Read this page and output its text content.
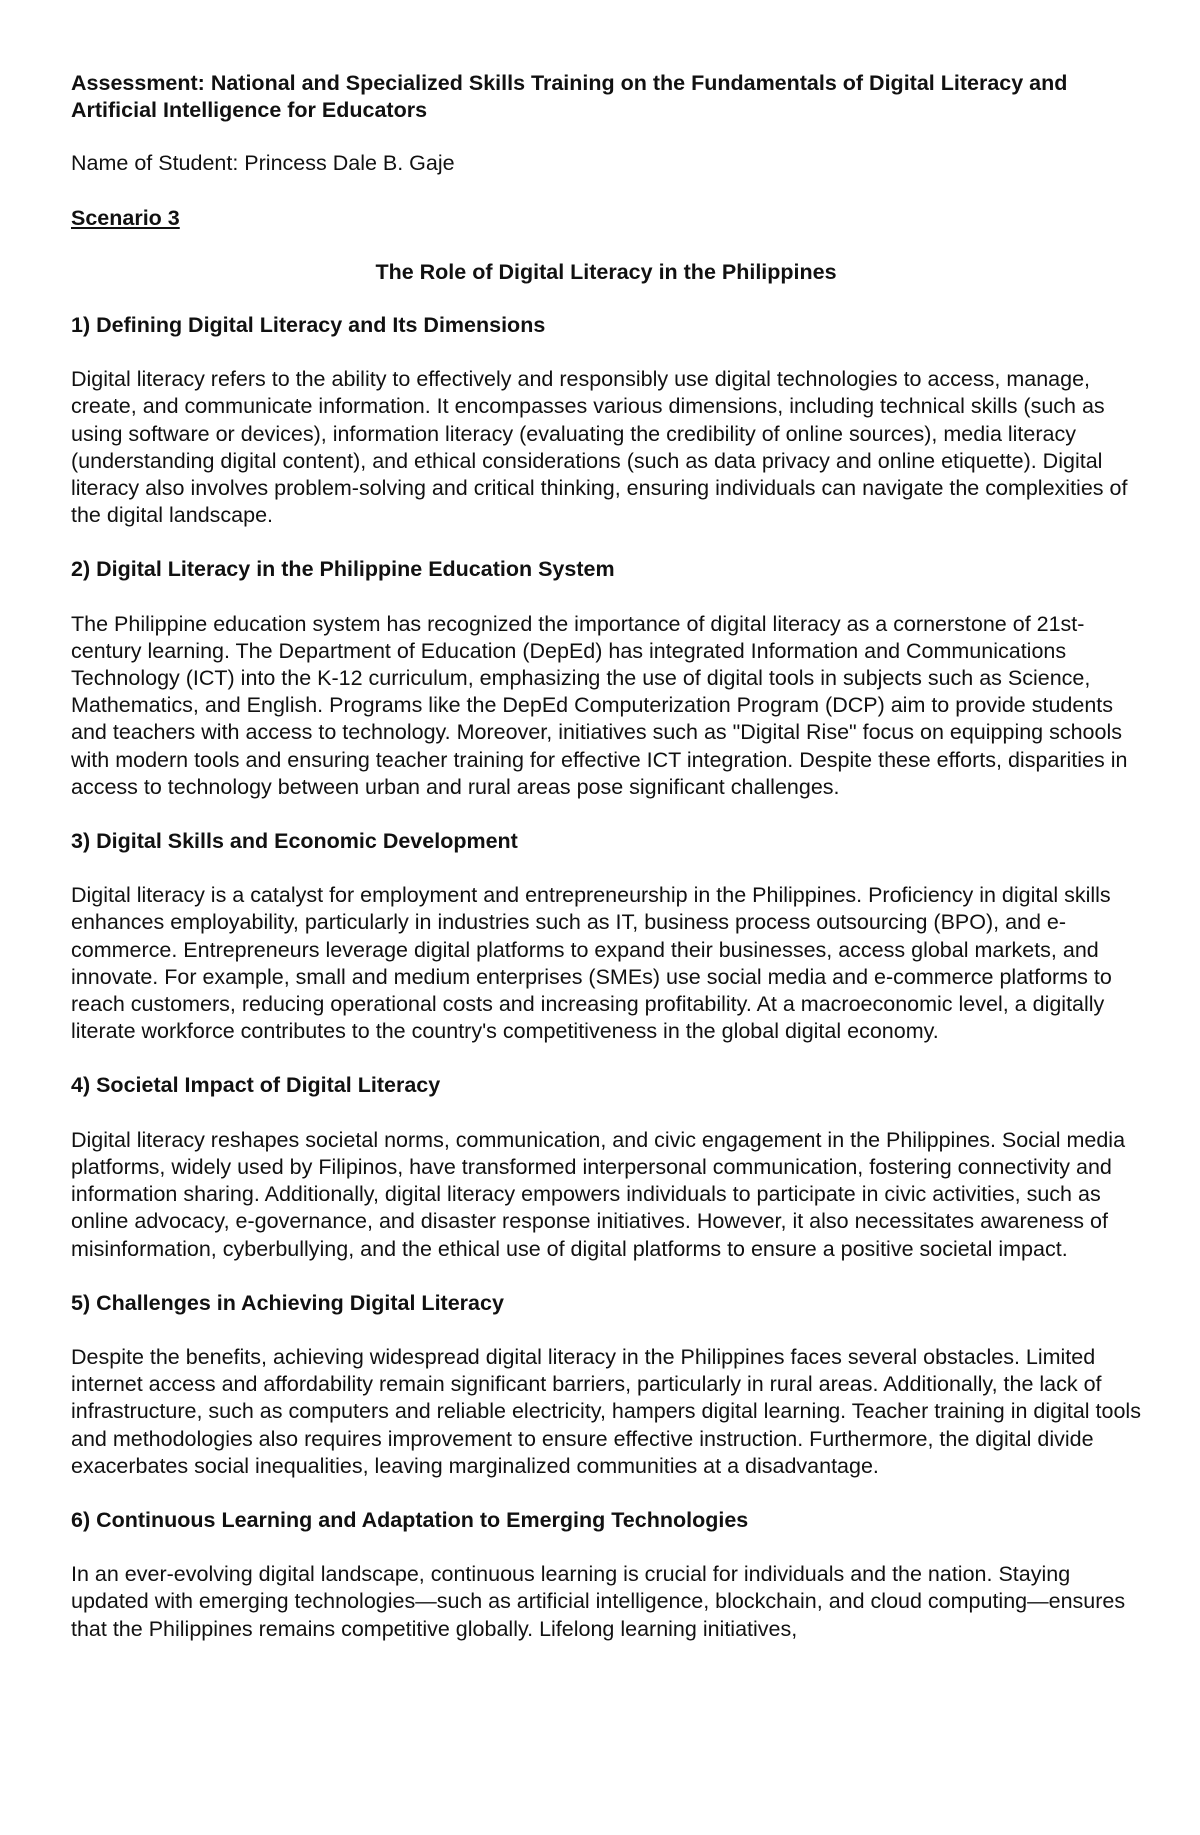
Assessment: National and Specialized Skills Training on the Fundamentals of Digital Literacy and Artificial Intelligence for Educators

Name of Student: Princess Dale B. Gaje

Scenario 3

The Role of Digital Literacy in the Philippines

1) Defining Digital Literacy and Its Dimensions

Digital literacy refers to the ability to effectively and responsibly use digital technologies to access, manage, create, and communicate information. It encompasses various dimensions, including technical skills (such as using software or devices), information literacy (evaluating the credibility of online sources), media literacy (understanding digital content), and ethical considerations (such as data privacy and online etiquette). Digital literacy also involves problem-solving and critical thinking, ensuring individuals can navigate the complexities of the digital landscape.

2) Digital Literacy in the Philippine Education System

The Philippine education system has recognized the importance of digital literacy as a cornerstone of 21st-century learning. The Department of Education (DepEd) has integrated Information and Communications Technology (ICT) into the K-12 curriculum, emphasizing the use of digital tools in subjects such as Science, Mathematics, and English. Programs like the DepEd Computerization Program (DCP) aim to provide students and teachers with access to technology. Moreover, initiatives such as "Digital Rise" focus on equipping schools with modern tools and ensuring teacher training for effective ICT integration. Despite these efforts, disparities in access to technology between urban and rural areas pose significant challenges.

3) Digital Skills and Economic Development

Digital literacy is a catalyst for employment and entrepreneurship in the Philippines. Proficiency in digital skills enhances employability, particularly in industries such as IT, business process outsourcing (BPO), and e-commerce. Entrepreneurs leverage digital platforms to expand their businesses, access global markets, and innovate. For example, small and medium enterprises (SMEs) use social media and e-commerce platforms to reach customers, reducing operational costs and increasing profitability. At a macroeconomic level, a digitally literate workforce contributes to the country's competitiveness in the global digital economy.

4) Societal Impact of Digital Literacy

Digital literacy reshapes societal norms, communication, and civic engagement in the Philippines. Social media platforms, widely used by Filipinos, have transformed interpersonal communication, fostering connectivity and information sharing. Additionally, digital literacy empowers individuals to participate in civic activities, such as online advocacy, e-governance, and disaster response initiatives. However, it also necessitates awareness of misinformation, cyberbullying, and the ethical use of digital platforms to ensure a positive societal impact.

5) Challenges in Achieving Digital Literacy

Despite the benefits, achieving widespread digital literacy in the Philippines faces several obstacles. Limited internet access and affordability remain significant barriers, particularly in rural areas. Additionally, the lack of infrastructure, such as computers and reliable electricity, hampers digital learning. Teacher training in digital tools and methodologies also requires improvement to ensure effective instruction. Furthermore, the digital divide exacerbates social inequalities, leaving marginalized communities at a disadvantage.

6) Continuous Learning and Adaptation to Emerging Technologies

In an ever-evolving digital landscape, continuous learning is crucial for individuals and the nation. Staying updated with emerging technologies—such as artificial intelligence, blockchain, and cloud computing—ensures that the Philippines remains competitive globally. Lifelong learning initiatives,
